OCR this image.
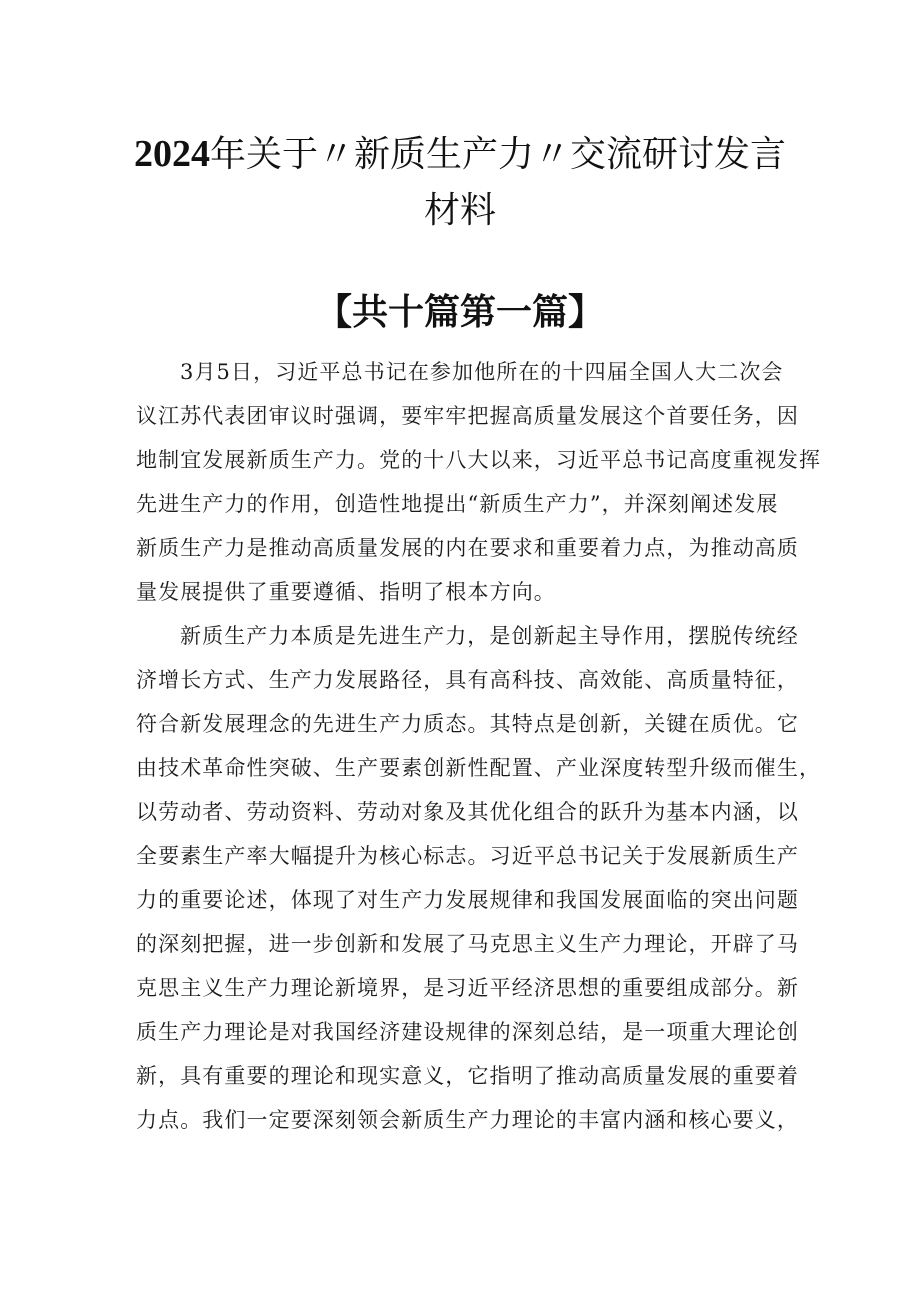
2024年关于〃新质生产力〃交流研讨发言
材料
【共十篇第一篇】
3月5日，习近平总书记在参加他所在的十四届全国人大二次会
议江苏代表团审议时强调，要牢牢把握高质量发展这个首要任务，因
地制宜发展新质生产力。党的十八大以来，习近平总书记高度重视发挥
先进生产力的作用，创造性地提出“新质生产力”，并深刻阐述发展
新质生产力是推动高质量发展的内在要求和重要着力点，为推动高质
量发展提供了重要遵循、指明了根本方向。
新质生产力本质是先进生产力，是创新起主导作用，摆脱传统经
济增长方式、生产力发展路径，具有高科技、高效能、高质量特征，
符合新发展理念的先进生产力质态。其特点是创新，关键在质优。它
由技术革命性突破、生产要素创新性配置、产业深度转型升级而催生，
以劳动者、劳动资料、劳动对象及其优化组合的跃升为基本内涵，以
全要素生产率大幅提升为核心标志。习近平总书记关于发展新质生产
力的重要论述，体现了对生产力发展规律和我国发展面临的突出问题
的深刻把握，进一步创新和发展了马克思主义生产力理论，开辟了马
克思主义生产力理论新境界，是习近平经济思想的重要组成部分。新
质生产力理论是对我国经济建设规律的深刻总结，是一项重大理论创
新，具有重要的理论和现实意义，它指明了推动高质量发展的重要着
力点。我们一定要深刻领会新质生产力理论的丰富内涵和核心要义，
